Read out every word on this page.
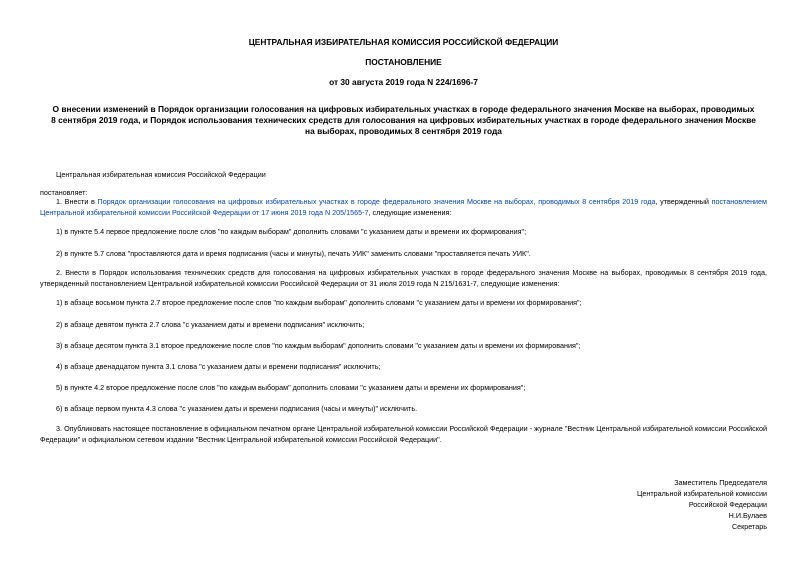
ЦЕНТРАЛЬНАЯ ИЗБИРАТЕЛЬНАЯ КОМИССИЯ РОССИЙСКОЙ ФЕДЕРАЦИИ
ПОСТАНОВЛЕНИЕ
от 30 августа 2019 года N 224/1696-7
О внесении изменений в Порядок организации голосования на цифровых избирательных участках в городе федерального значения Москве на выборах, проводимых 8 сентября 2019 года, и Порядок использования технических средств для голосования на цифровых избирательных участках в городе федерального значения Москве на выборах, проводимых 8 сентября 2019 года
Центральная избирательная комиссия Российской Федерации
постановляет:
1. Внести в Порядок организации голосования на цифровых избирательных участках в городе федерального значения Москве на выборах, проводимых 8 сентября 2019 года, утвержденный постановлением Центральной избирательной комиссии Российской Федерации от 17 июня 2019 года N 205/1565-7, следующие изменения:
1) в пункте 5.4 первое предложение после слов "по каждым выборам" дополнить словами "с указанием даты и времени их формирования";
2) в пункте 5.7 слова "проставляются дата и время подписания (часы и минуты), печать УИК" заменить словами "проставляется печать УИК".
2. Внести в Порядок использования технических средств для голосования на цифровых избирательных участках в городе федерального значения Москве на выборах, проводимых 8 сентября 2019 года, утвержденный постановлением Центральной избирательной комиссии Российской Федерации от 31 июля 2019 года N 215/1631-7, следующие изменения:
1) в абзаце восьмом пункта 2.7 второе предложение после слов "по каждым выборам" дополнить словами "с указанием даты и времени их формирования";
2) в абзаце девятом пункта 2.7 слова "с указанием даты и времени подписания" исключить;
3) в абзаце десятом пункта 3.1 второе предложение после слов "по каждым выборам" дополнить словами "с указанием даты и времени их формирования";
4) в абзаце двенадцатом пункта 3.1 слова "с указанием даты и времени подписания" исключить;
5) в пункте 4.2 второе предложение после слов "по каждым выборам" дополнить словами "с указанием даты и времени их формирования";
6) в абзаце первом пункта 4.3 слова "с указанием даты и времени подписания (часы и минуты)" исключить.
3. Опубликовать настоящее постановление в официальном печатном органе Центральной избирательной комиссии Российской Федерации - журнале "Вестник Центральной избирательной комиссии Российской Федерации" и официальном сетевом издании "Вестник Центральной избирательной комиссии Российской Федерации".
Заместитель Председателя
Центральной избирательной комиссии
Российской Федерации
Н.И.Булаев
Секретарь
